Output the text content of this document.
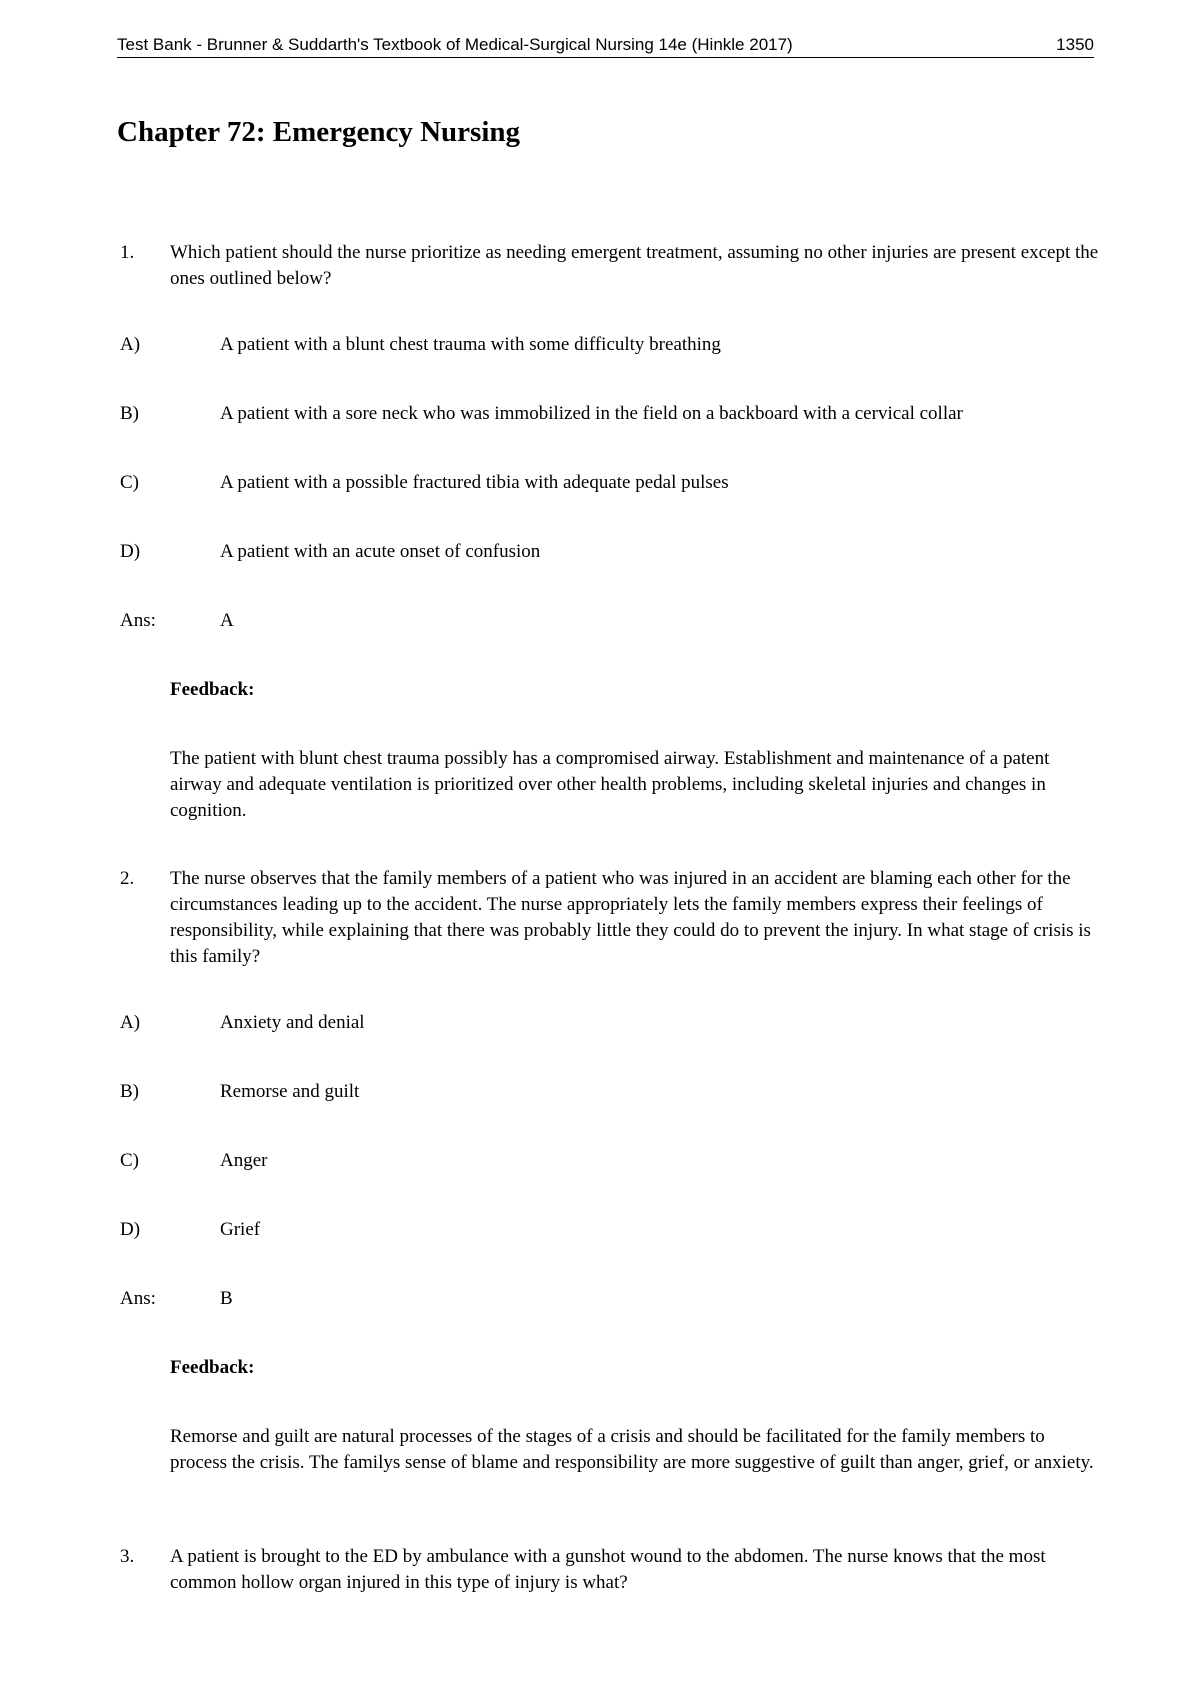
Test Bank - Brunner & Suddarth's Textbook of Medical-Surgical Nursing 14e (Hinkle 2017)	1350
Chapter 72: Emergency Nursing
1.	Which patient should the nurse prioritize as needing emergent treatment, assuming no other injuries are present except the ones outlined below?

A)	A patient with a blunt chest trauma with some difficulty breathing
B)	A patient with a sore neck who was immobilized in the field on a backboard with a cervical collar
C)	A patient with a possible fractured tibia with adequate pedal pulses
D)	A patient with an acute onset of confusion
Ans:	A
Feedback:

The patient with blunt chest trauma possibly has a compromised airway. Establishment and maintenance of a patent airway and adequate ventilation is prioritized over other health problems, including skeletal injuries and changes in cognition.

2.	The nurse observes that the family members of a patient who was injured in an accident are blaming each other for the circumstances leading up to the accident. The nurse appropriately lets the family members express their feelings of responsibility, while explaining that there was probably little they could do to prevent the injury. In what stage of crisis is this family?

A)	Anxiety and denial
B)	Remorse and guilt
C)	Anger
D)	Grief
Ans:	B
Feedback:

Remorse and guilt are natural processes of the stages of a crisis and should be facilitated for the family members to process the crisis. The familys sense of blame and responsibility are more suggestive of guilt than anger, grief, or anxiety.

3.	A patient is brought to the ED by ambulance with a gunshot wound to the abdomen. The nurse knows that the most common hollow organ injured in this type of injury is what?
